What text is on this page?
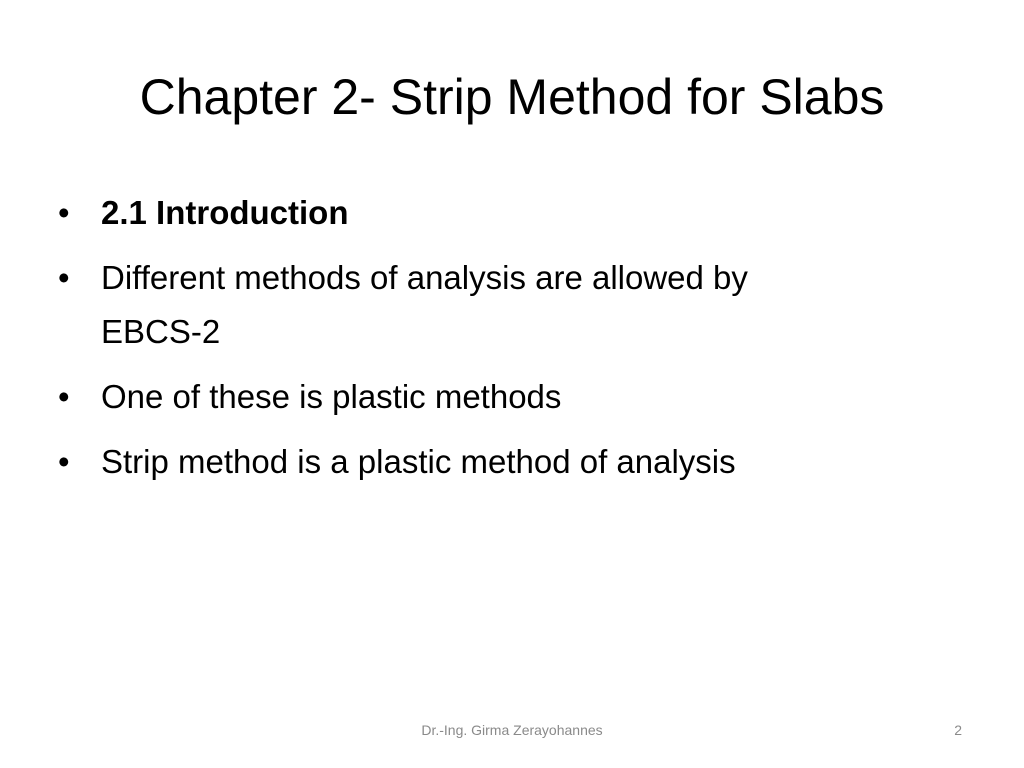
Chapter 2- Strip Method for Slabs
• 2.1 Introduction
• Different methods of analysis are allowed by
EBCS-2
• One of these is plastic methods
• Strip method is a plastic method of analysis
Dr.-Ing. Girma Zerayohannes	2
